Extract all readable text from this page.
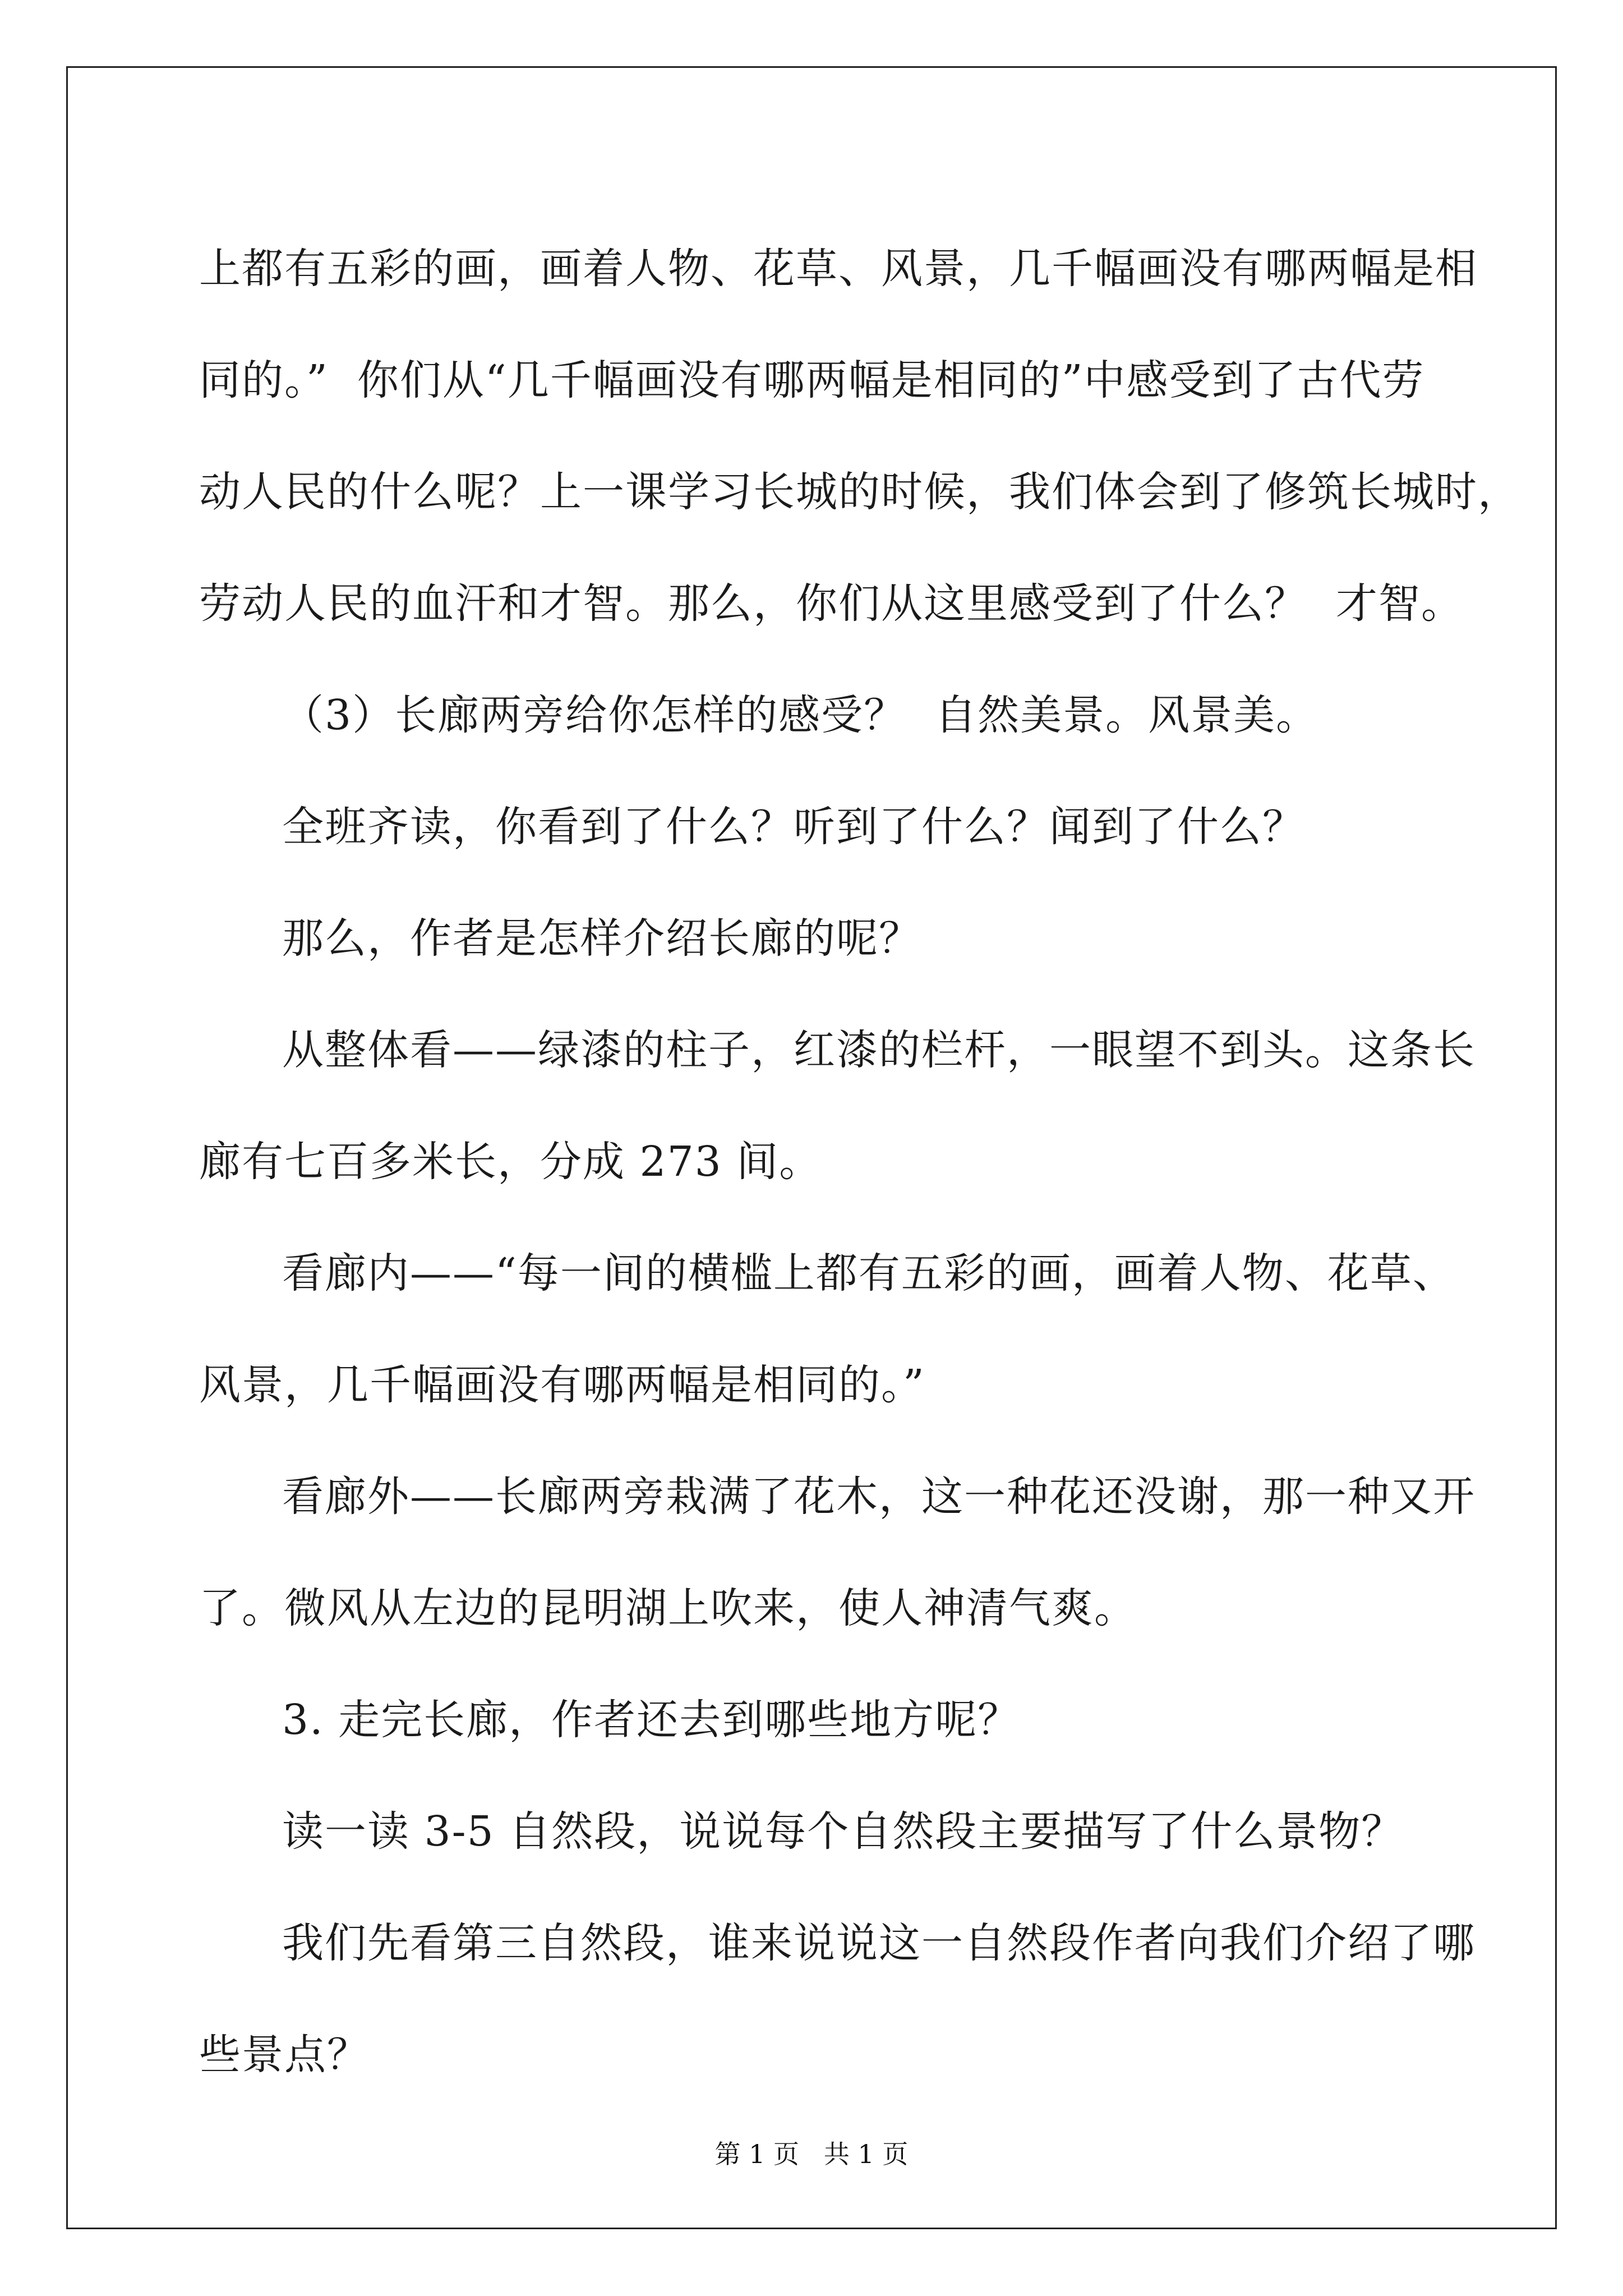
上都有五彩的画，画着人物、花草、风景，几千幅画没有哪两幅是相

同的。”  你们从“几千幅画没有哪两幅是相同的”中感受到了古代劳

动人民的什么呢？上一课学习长城的时候，我们体会到了修筑长城时，

劳动人民的血汗和才智。那么，你们从这里感受到了什么？  才智。

（3）长廊两旁给你怎样的感受？  自然美景。风景美。

全班齐读，你看到了什么？听到了什么？闻到了什么？

那么，作者是怎样介绍长廊的呢？

从整体看——绿漆的柱子，红漆的栏杆，一眼望不到头。这条长

廊有七百多米长，分成 273 间。

看廊内——“每一间的横槛上都有五彩的画，画着人物、花草、

风景，几千幅画没有哪两幅是相同的。”

看廊外——长廊两旁栽满了花木，这一种花还没谢，那一种又开

了。微风从左边的昆明湖上吹来，使人神清气爽。

3. 走完长廊，作者还去到哪些地方呢？

读一读 3-5 自然段，说说每个自然段主要描写了什么景物？

我们先看第三自然段，谁来说说这一自然段作者向我们介绍了哪

些景点？

第 1 页   共 1 页
